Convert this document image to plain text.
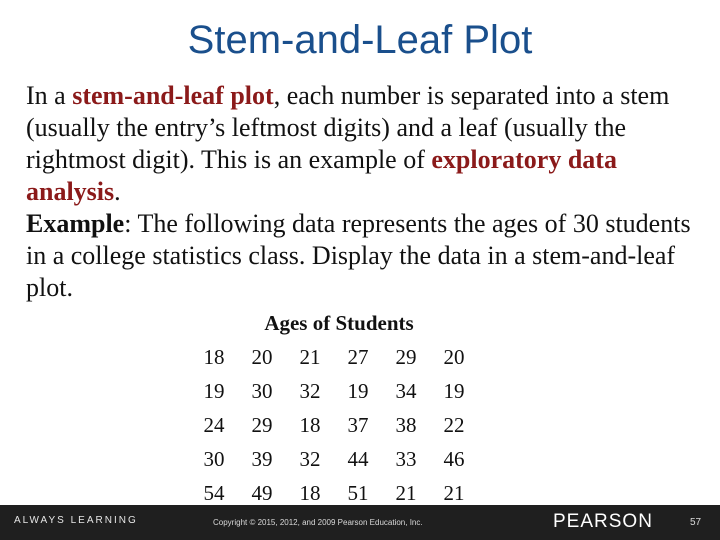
Stem-and-Leaf Plot
In a stem-and-leaf plot, each number is separated into a stem (usually the entry’s leftmost digits) and a leaf (usually the rightmost digit). This is an example of exploratory data analysis.
Example: The following data represents the ages of 30 students in a college statistics class. Display the data in a stem-and-leaf plot.
Ages of Students
18	20	21	27	29	20
19	30	32	19	34	19
24	29	18	37	38	22
30	39	32	44	33	46
54	49	18	51	21	21
ALWAYS LEARNING	Copyright © 2015, 2012, and 2009 Pearson Education, Inc.	PEARSON	57
